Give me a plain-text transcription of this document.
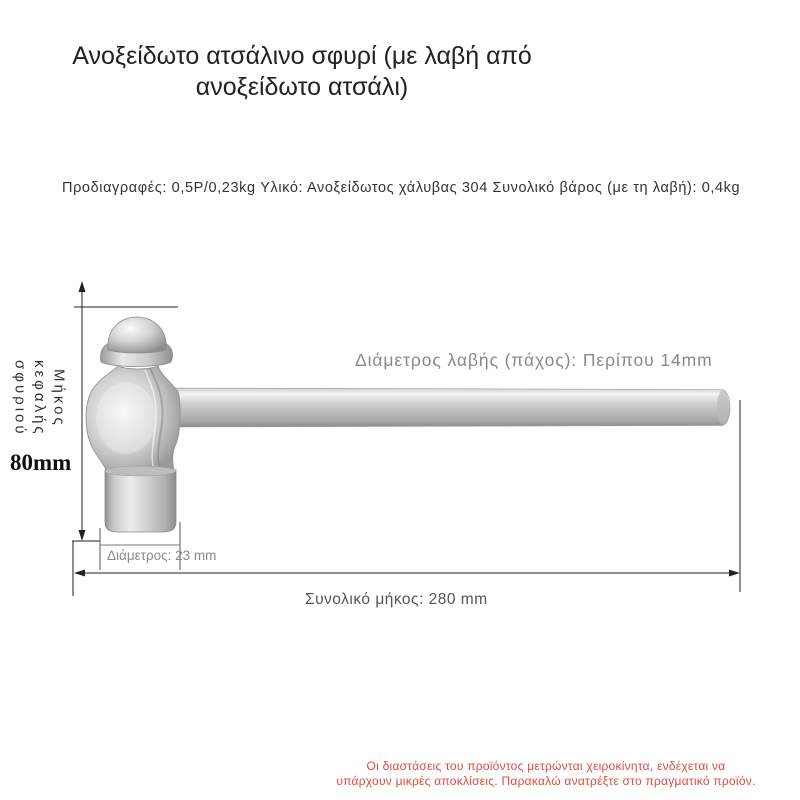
Ανοξείδωτο ατσάλινο σφυρί (με λαβή από
ανοξείδωτο ατσάλι)
Προδιαγραφές: 0,5P/0,23kg Υλικό: Ανοξείδωτος χάλυβας 304 Συνολικό βάρος (με τη λαβή): 0,4kg
Διάμετρος λαβής (πάχος): Περίπου 14mm
Μήκος κεφαλής σφυριού
80mm
Διάμετρος: 23 mm
Συνολικό μήκος: 280 mm
Οι διαστάσεις του προϊόντος μετρώνται χειροκίνητα, ενδέχεται να
υπάρχουν μικρές αποκλίσεις. Παρακαλώ ανατρέξτε στο πραγματικό προϊόν.
